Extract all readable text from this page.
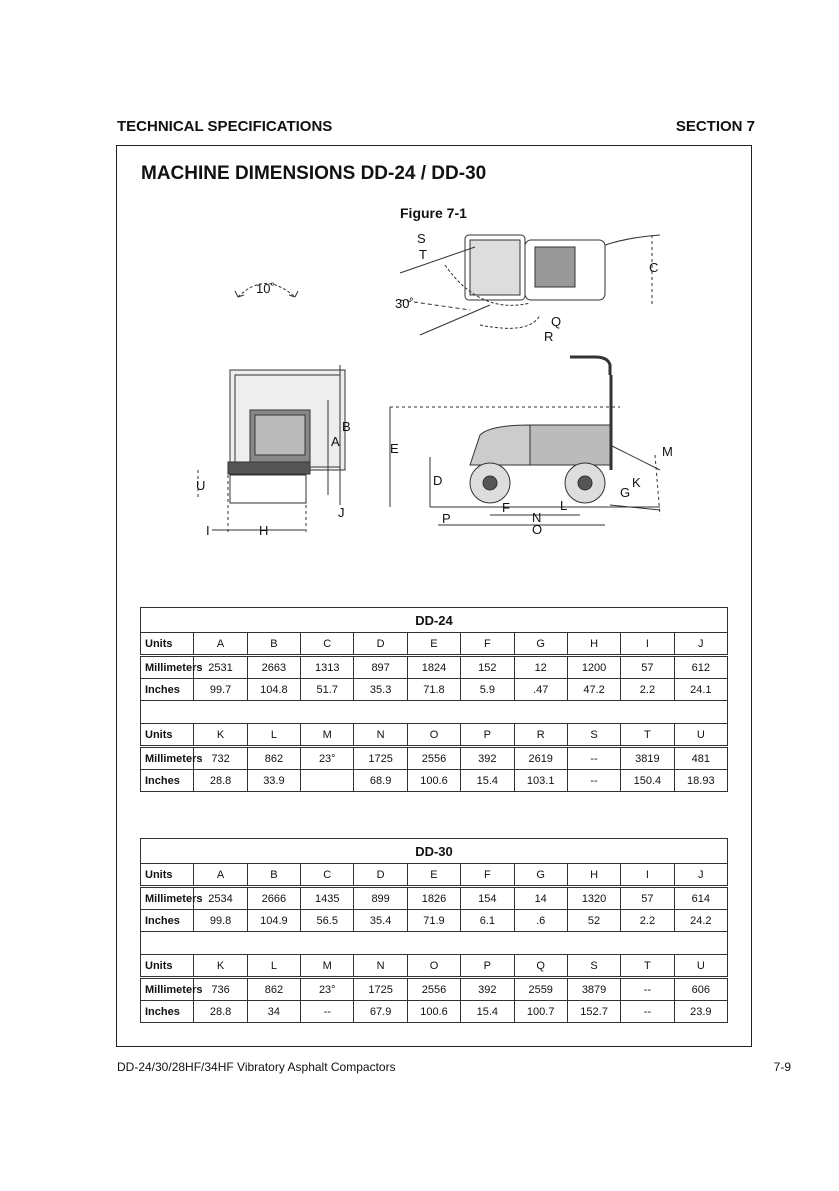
TECHNICAL SPECIFICATIONS	SECTION 7
MACHINE DIMENSIONS DD-24 / DD-30
Figure 7-1
10˚
30˚
S
T
C
Q
R
B
A
U
J
I	H
E
D
M
K
G
F	L
N
P
O
DD-24										
Units	A	B	C	D	E	F	G	H	I	J
Millimeters	2531	2663	1313	897	1824	152	12	1200	57	612
Inches	99.7	104.8	51.7	35.3	71.8	5.9	.47	47.2	2.2	24.1

Units	K	L	M	N	O	P	R	S	T	U
Millimeters	732	862	23°	1725	2556	392	2619	--	3819	481
Inches	28.8	33.9		68.9	100.6	15.4	103.1	--	150.4	18.93
DD-30										
Units	A	B	C	D	E	F	G	H	I	J
Millimeters	2534	2666	1435	899	1826	154	14	1320	57	614
Inches	99.8	104.9	56.5	35.4	71.9	6.1	.6	52	2.2	24.2

Units	K	L	M	N	O	P	Q	S	T	U
Millimeters	736	862	23°	1725	2556	392	2559	3879	--	606
Inches	28.8	34	--	67.9	100.6	15.4	100.7	152.7	--	23.9
DD-24/30/28HF/34HF Vibratory Asphalt Compactors	7-9
